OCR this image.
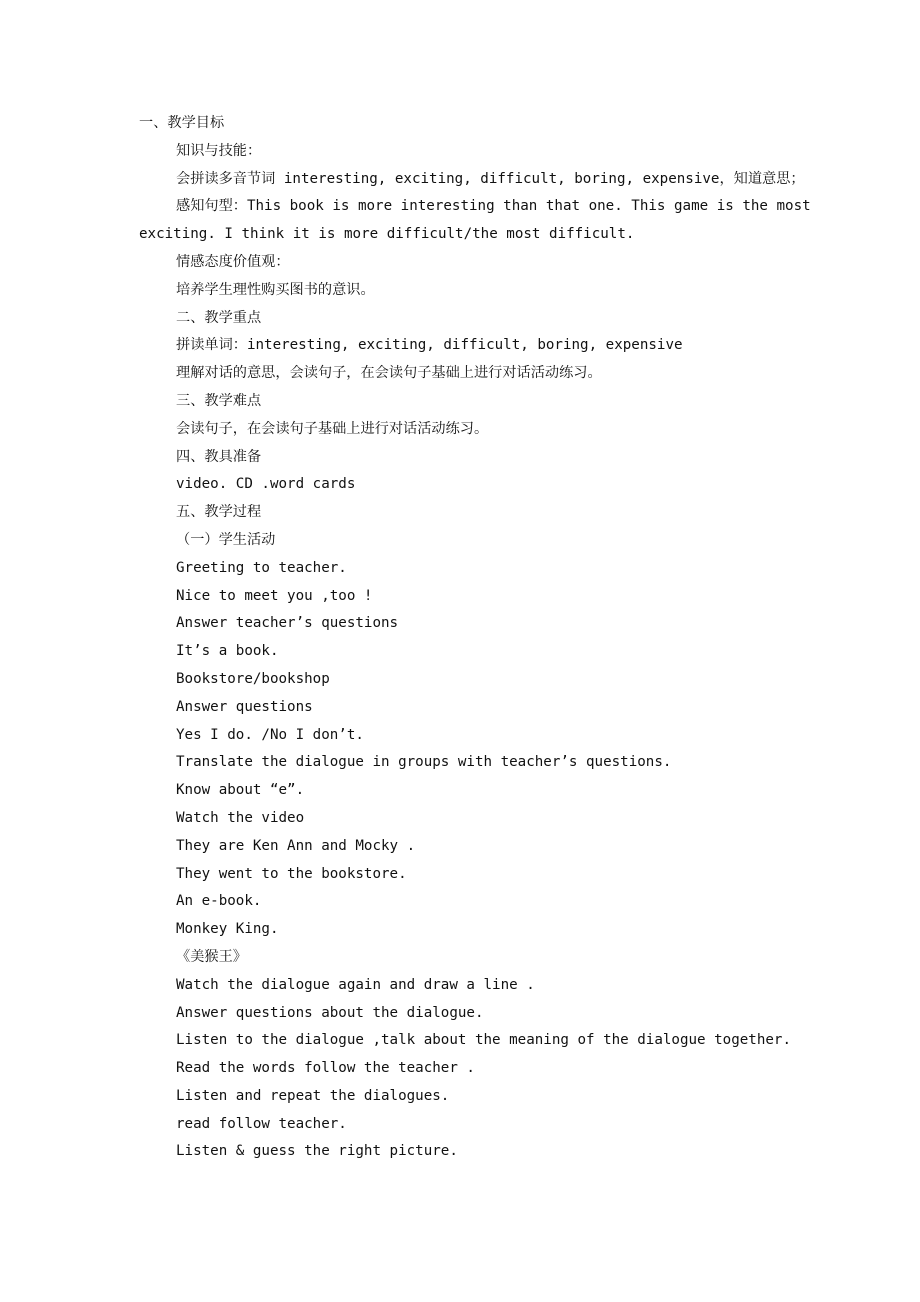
一、教学目标
知识与技能：
会拼读多音节词 interesting, exciting, difficult, boring, expensive，知道意思；
感知句型：This book is more interesting than that one. This game is the most
exciting. I think it is more difficult/the most difficult.
情感态度价值观：
培养学生理性购买图书的意识。
二、教学重点
拼读单词：interesting, exciting, difficult, boring, expensive
理解对话的意思，会读句子，在会读句子基础上进行对话活动练习。
三、教学难点
会读句子，在会读句子基础上进行对话活动练习。
四、教具准备
video. CD .word cards
五、教学过程
（一）学生活动
Greeting to teacher.
Nice to meet you ,too !
Answer teacher’s questions
It’s a book.
Bookstore/bookshop
Answer questions
Yes I do. /No I don’t.
Translate the dialogue in groups with teacher’s questions.
Know about “e”.
Watch the video
They are Ken Ann and Mocky .
They went to the bookstore.
An e-book.
Monkey King.
《美猴王》
Watch the dialogue again and draw a line .
Answer questions about the dialogue.
Listen to the dialogue ,talk about the meaning of the dialogue together.
Read the words follow the teacher .
Listen and repeat the dialogues.
read follow teacher.
Listen & guess the right picture.
